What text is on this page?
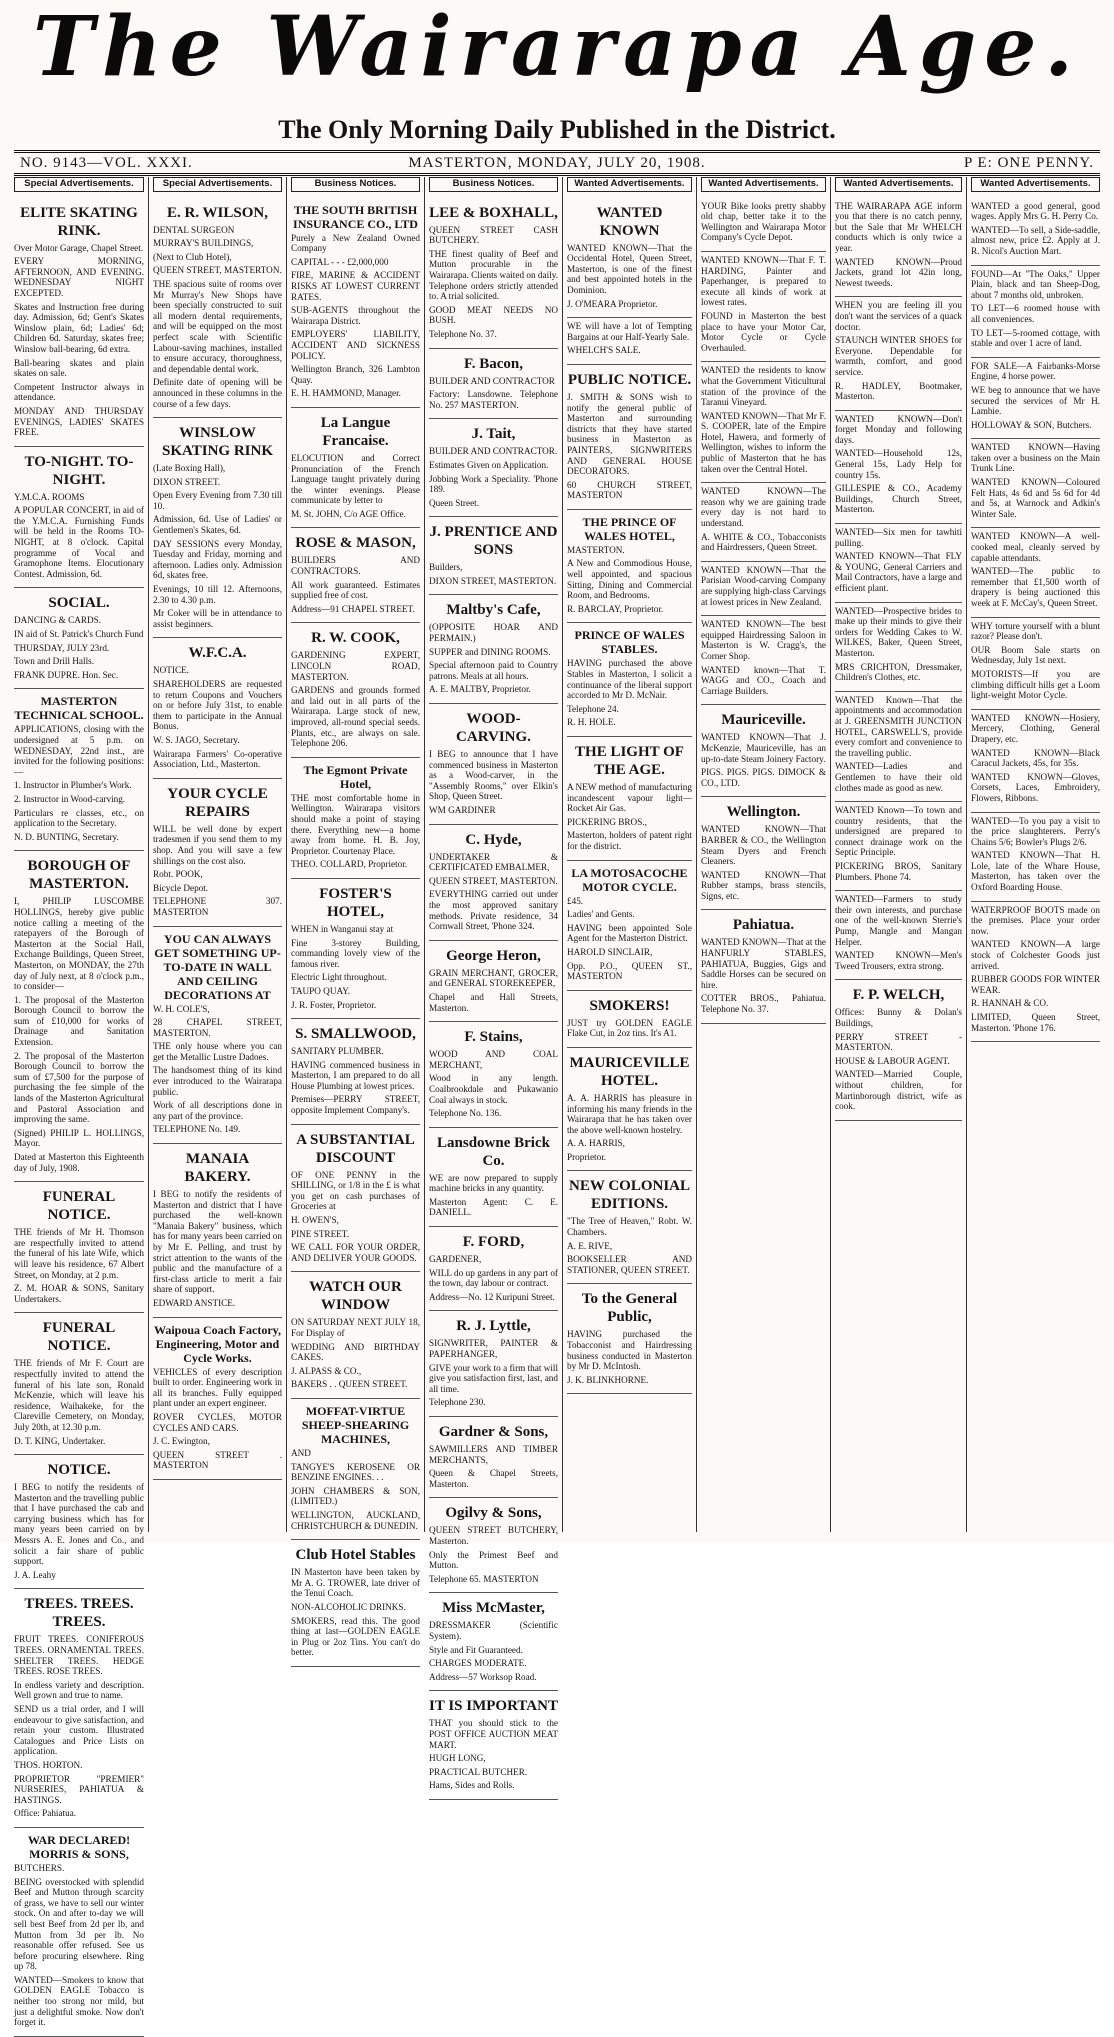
The Wairarapa Age.
The Only Morning Daily Published in the District.
NO. 9143—VOL. XXXI.	MASTERTON, MONDAY, JULY 20, 1908.	P E: ONE PENNY.
Special Advertisements.
ELITE SKATING RINK.

Over Motor Garage, Chapel Street.

EVERY MORNING, AFTERNOON, AND EVENING. WEDNESDAY NIGHT EXCEPTED.

Skates and Instruction free during day. Admission, 6d; Gent's Skates Winslow plain, 6d; Ladies' 6d; Children 6d. Saturday, skates free; Winslow ball-bearing, 6d extra.

Ball-bearing skates and plain skates on sale.

Competent Instructor always in attendance.

MONDAY AND THURSDAY EVENINGS, LADIES' SKATES FREE.

TO-NIGHT. TO-NIGHT.

Y.M.C.A. ROOMS

A POPULAR CONCERT, in aid of the Y.M.C.A. Furnishing Funds will be held in the Rooms TO-NIGHT, at 8 o'clock. Capital programme of Vocal and Gramophone Items. Elocutionary Contest. Admission, 6d.

SOCIAL.

DANCING & CARDS.

IN aid of St. Patrick's Church Fund

THURSDAY, JULY 23rd.

Town and Drill Halls.

FRANK DUPRE. Hon. Sec.

MASTERTON TECHNICAL SCHOOL.

APPLICATIONS, closing with the undersigned at 5 p.m. on WEDNESDAY, 22nd inst., are invited for the following positions:—

1. Instructor in Plumber's Work.

2. Instructor in Wood-carving.

Particulars re classes, etc., on application to the Secretary.

N. D. BUNTING, Secretary.

BOROUGH OF MASTERTON.

I, PHILIP LUSCOMBE HOLLINGS, hereby give public notice calling a meeting of the ratepayers of the Borough of Masterton at the Social Hall, Exchange Buildings, Queen Street, Masterton, on MONDAY, the 27th day of July next, at 8 o'clock p.m., to consider—

1. The proposal of the Masterton Borough Council to borrow the sum of £10,000 for works of Drainage and Sanitation Extension.

2. The proposal of the Masterton Borough Council to borrow the sum of £7,500 for the purpose of purchasing the fee simple of the lands of the Masterton Agricultural and Pastoral Association and improving the same.

(Signed) PHILIP L. HOLLINGS, Mayor.

Dated at Masterton this Eighteenth day of July, 1908.

FUNERAL NOTICE.

THE friends of Mr H. Thomson are respectfully invited to attend the funeral of his late Wife, which will leave his residence, 67 Albert Street, on Monday, at 2 p.m.

Z. M. HOAR & SONS, Sanitary Undertakers.

FUNERAL NOTICE.

THE friends of Mr F. Court are respectfully invited to attend the funeral of his late son, Ronald McKenzie, which will leave his residence, Waihakeke, for the Clareville Cemetery, on Monday, July 20th, at 12.30 p.m.

D. T. KING, Undertaker.

NOTICE.

I BEG to notify the residents of Masterton and the travelling public that I have purchased the cab and carrying business which has for many years been carried on by Messrs A. E. Jones and Co., and solicit a fair share of public support.

J. A. Leahy

TREES. TREES. TREES.

FRUIT TREES. CONIFEROUS TREES. ORNAMENTAL TREES. SHELTER TREES. HEDGE TREES. ROSE TREES.

In endless variety and description. Well grown and true to name.

SEND us a trial order, and I will endeavour to give satisfaction, and retain your custom. Illustrated Catalogues and Price Lists on application.

THOS. HORTON.

PROPRIETOR "PREMIER" NURSERIES, PAHIATUA & HASTINGS.

Office: Pahiatua.

WAR DECLARED! MORRIS & SONS,

BUTCHERS.

BEING overstocked with splendid Beef and Mutton through scarcity of grass, we have to sell our winter stock. On and after to-day we will sell best Beef from 2d per lb, and Mutton from 3d per lb. No reasonable offer refused. See us before procuring elsewhere. Ring up 78.

WANTED—Smokers to know that GOLDEN EAGLE Tobacco is neither too strong nor mild, but just a delightful smoke. Now don't forget it.

Special Advertisements.
E. R. WILSON,

DENTAL SURGEON

MURRAY'S BUILDINGS,

(Next to Club Hotel),

QUEEN STREET, MASTERTON.

THE spacious suite of rooms over Mr Murray's New Shops have been specially constructed to suit all modern dental requirements, and will be equipped on the most perfect scale with Scientific Labour-saving machines, installed to ensure accuracy, thoroughness, and dependable dental work.

Definite date of opening will be announced in these columns in the course of a few days.

WINSLOW SKATING RINK

(Late Boxing Hall),

DIXON STREET.

Open Every Evening from 7.30 till 10.

Admission, 6d. Use of Ladies' or Gentlemen's Skates, 6d.

DAY SESSIONS every Monday, Tuesday and Friday, morning and afternoon. Ladies only. Admission 6d, skates free.

Evenings, 10 till 12. Afternoons, 2.30 to 4.30 p.m.

Mr Coker will be in attendance to assist beginners.

W.F.C.A.

NOTICE.

SHAREHOLDERS are requested to return Coupons and Vouchers on or before July 31st, to enable them to participate in the Annual Bonus.

W. S. JAGO, Secretary.

Wairarapa Farmers' Co-operative Association, Ltd., Masterton.

YOUR CYCLE REPAIRS

WILL be well done by expert tradesmen if you send them to my shop. And you will save a few shillings on the cost also.

Robt. POOK,

Bicycle Depot.

TELEPHONE 307. MASTERTON

YOU CAN ALWAYS GET SOMETHING UP-TO-DATE IN WALL AND CEILING DECORATIONS AT

W. H. COLE'S,

28 CHAPEL STREET, MASTERTON.

THE only house where you can get the Metallic Lustre Dadoes.

The handsomest thing of its kind ever introduced to the Wairarapa public.

Work of all descriptions done in any part of the province.

TELEPHONE No. 149.

MANAIA BAKERY.

I BEG to notify the residents of Masterton and district that I have purchased the well-known "Manaia Bakery" business, which has for many years been carried on by Mr E. Pelling, and trust by strict attention to the wants of the public and the manufacture of a first-class article to merit a fair share of support.

EDWARD ANSTICE.

Waipoua Coach Factory, Engineering, Motor and Cycle Works.

VEHICLES of every description built to order. Engineering work in all its branches. Fully equipped plant under an expert engineer.

ROVER CYCLES, MOTOR CYCLES AND CARS.

J. C. Ewington,

QUEEN STREET . MASTERTON

Business Notices.
THE SOUTH BRITISH INSURANCE CO., LTD

Purely a New Zealand Owned Company

CAPITAL - - - £2,000,000

FIRE, MARINE & ACCIDENT RISKS AT LOWEST CURRENT RATES.

SUB-AGENTS throughout the Wairarapa District.

EMPLOYERS' LIABILITY, ACCIDENT AND SICKNESS POLICY.

Wellington Branch, 326 Lambton Quay.

E. H. HAMMOND, Manager.

La Langue Francaise.

ELOCUTION and Correct Pronunciation of the French Language taught privately during the winter evenings. Please communicate by letter to

M. St. JOHN, C/o AGE Office.

ROSE & MASON,

BUILDERS AND CONTRACTORS.

All work guaranteed. Estimates supplied free of cost.

Address—91 CHAPEL STREET.

R. W. COOK,

GARDENING EXPERT, LINCOLN ROAD, MASTERTON.

GARDENS and grounds formed and laid out in all parts of the Wairarapa. Large stock of new, improved, all-round special seeds. Plants, etc., are always on sale. Telephone 206.

The Egmont Private Hotel,

THE most comfortable home in Wellington. Wairarapa visitors should make a point of staying there. Everything new—a home away from home. H. B. Joy, Proprietor. Courtenay Place.

THEO. COLLARD, Proprietor.

FOSTER'S HOTEL,

WHEN in Wanganui stay at

Fine 3-storey Building, commanding lovely view of the famous river.

Electric Light throughout.

TAUPO QUAY.

J. R. Foster, Proprietor.

S. SMALLWOOD,

SANITARY PLUMBER.

HAVING commenced business in Masterton, I am prepared to do all House Plumbing at lowest prices.

Premises—PERRY STREET, opposite Implement Company's.

A SUBSTANTIAL DISCOUNT

OF ONE PENNY in the SHILLING, or 1/8 in the £ is what you get on cash purchases of Groceries at

H. OWEN'S,

PINE STREET.

WE CALL FOR YOUR ORDER, AND DELIVER YOUR GOODS.

WATCH OUR WINDOW

ON SATURDAY NEXT JULY 18, For Display of

WEDDING AND BIRTHDAY CAKES.

J. ALPASS & CO.,

BAKERS . . QUEEN STREET.

MOFFAT-VIRTUE SHEEP-SHEARING MACHINES,

AND

TANGYE'S KEROSENE OR BENZINE ENGINES. . .

JOHN CHAMBERS & SON, (LIMITED.)

WELLINGTON, AUCKLAND, CHRISTCHURCH & DUNEDIN.

Club Hotel Stables

IN Masterton have been taken by Mr A. G. TROWER, late driver of the Tenui Coach.

NON-ALCOHOLIC DRINKS.

SMOKERS, read this. The good thing at last—GOLDEN EAGLE in Plug or 2oz Tins. You can't do better.

Business Notices.
LEE & BOXHALL,

QUEEN STREET CASH BUTCHERY.

THE finest quality of Beef and Mutton procurable in the Wairarapa. Clients waited on daily. Telephone orders strictly attended to. A trial solicited.

GOOD MEAT NEEDS NO BUSH.

Telephone No. 37.

F. Bacon,

BUILDER AND CONTRACTOR

Factory: Lansdowne. Telephone No. 257 MASTERTON.

J. Tait,

BUILDER AND CONTRACTOR.

Estimates Given on Application.

Jobbing Work a Speciality. 'Phone 189.

Queen Street.

J. PRENTICE AND SONS

Builders,

DIXON STREET, MASTERTON.

Maltby's Cafe,

(OPPOSITE HOAR AND PERMAIN.)

SUPPER and DINING ROOMS.

Special afternoon paid to Country patrons. Meals at all hours.

A. E. MALTBY, Proprietor.

WOOD-CARVING.

I BEG to announce that I have commenced business in Masterton as a Wood-carver, in the "Assembly Rooms," over Elkin's Shop, Queen Street.

WM GARDINER

C. Hyde,

UNDERTAKER & CERTIFICATED EMBALMER,

QUEEN STREET, MASTERTON.

EVERYTHING carried out under the most approved sanitary methods. Private residence, 34 Cornwall Street, 'Phone 324.

George Heron,

GRAIN MERCHANT, GROCER, and GENERAL STOREKEEPER,

Chapel and Hall Streets, Masterton.

F. Stains,

WOOD AND COAL MERCHANT,

Wood in any length. Coalbrookdale and Pukawanio Coal always in stock.

Telephone No. 136.

Lansdowne Brick Co.

WE are now prepared to supply machine bricks in any quantity.

Masterton Agent: C. E. DANIELL.

F. FORD,

GARDENER,

WILL do up gardens in any part of the town, day labour or contract.

Address—No. 12 Kuripuni Street.

R. J. Lyttle,

SIGNWRITER, PAINTER & PAPERHANGER,

GIVE your work to a firm that will give you satisfaction first, last, and all time.

Telephone 230.

Gardner & Sons,

SAWMILLERS AND TIMBER MERCHANTS,

Queen & Chapel Streets, Masterton.

Ogilvy & Sons,

QUEEN STREET BUTCHERY, Masterton.

Only the Primest Beef and Mutton.

Telephone 65. MASTERTON

Miss McMaster,

DRESSMAKER (Scientific System).

Style and Fit Guaranteed.

CHARGES MODERATE.

Address—57 Worksop Road.

IT IS IMPORTANT

THAT you should stick to the POST OFFICE AUCTION MEAT MART.

HUGH LONG,

PRACTICAL BUTCHER.

Hams, Sides and Rolls.

Wanted Advertisements.
WANTED KNOWN

WANTED KNOWN—That the Occidental Hotel, Queen Street, Masterton, is one of the finest and best appointed hotels in the Dominion.

J. O'MEARA Proprietor.

WE will have a lot of Tempting Bargains at our Half-Yearly Sale.

WHELCH'S SALE.

PUBLIC NOTICE.

J. SMITH & SONS wish to notify the general public of Masterton and surrounding districts that they have started business in Masterton as PAINTERS, SIGNWRITERS AND GENERAL HOUSE DECORATORS.

60 CHURCH STREET, MASTERTON

THE PRINCE OF WALES HOTEL,

MASTERTON.

A New and Commodious House, well appointed, and spacious Sitting, Dining and Commercial Room, and Bedrooms.

R. BARCLAY, Proprietor.

PRINCE OF WALES STABLES.

HAVING purchased the above Stables in Masterton, I solicit a continuance of the liberal support accorded to Mr D. McNair.

Telephone 24.

R. H. HOLE.

THE LIGHT OF THE AGE.

A NEW method of manufacturing incandescent vapour light—Rocket Air Gas.

PICKERING BROS.,

Masterton, holders of patent right for the district.

LA MOTOSACOCHE MOTOR CYCLE.

£45.

Ladies' and Gents.

HAVING been appointed Sole Agent for the Masterton District.

HAROLD SINCLAIR,

Opp. P.O., QUEEN ST., MASTERTON

SMOKERS!

JUST try GOLDEN EAGLE Flake Cut, in 2oz tins. It's A1.

MAURICEVILLE HOTEL.

A. A. HARRIS has pleasure in informing his many friends in the Wairarapa that he has taken over the above well-known hostelry.

A. A. HARRIS,

Proprietor.

NEW COLONIAL EDITIONS.

"The Tree of Heaven," Robt. W. Chambers.

A. E. RIVE,

BOOKSELLER AND STATIONER, QUEEN STREET.

To the General Public,

HAVING purchased the Tobacconist and Hairdressing business conducted in Masterton by Mr D. McIntosh.

J. K. BLINKHORNE.

Wanted Advertisements.

YOUR Bike looks pretty shabby old chap, better take it to the Wellington and Wairarapa Motor Company's Cycle Depot.

WANTED KNOWN—That F. T. HARDING, Painter and Paperhanger, is prepared to execute all kinds of work at lowest rates.

FOUND in Masterton the best place to have your Motor Car, Motor Cycle or Cycle Overhauled.

WANTED the residents to know what the Government Viticultural station of the province of the Taranui Vineyard.

WANTED KNOWN—That Mr F. S. COOPER, late of the Empire Hotel, Hawera, and formerly of Wellington, wishes to inform the public of Masterton that he has taken over the Central Hotel.

WANTED KNOWN—The reason why we are gaining trade every day is not hard to understand.

A. WHITE & CO., Tobacconists and Hairdressers, Queen Street.

WANTED KNOWN—That the Parisian Wood-carving Company are supplying high-class Carvings at lowest prices in New Zealand.

WANTED KNOWN—The best equipped Hairdressing Saloon in Masterton is W. Cragg's, the Corner Shop.

WANTED known—That T. WAGG and CO., Coach and Carriage Builders.

Mauriceville.

WANTED KNOWN—That J. McKenzie, Mauriceville, has an up-to-date Steam Joinery Factory.

PIGS. PIGS. PIGS. DIMOCK & CO., LTD.

Wellington.

WANTED KNOWN—That BARBER & CO., the Wellington Steam Dyers and French Cleaners.

WANTED KNOWN—That Rubber stamps, brass stencils, Signs, etc.

Pahiatua.

WANTED KNOWN—That at the HANFURLY STABLES, PAHIATUA, Buggies, Gigs and Saddle Horses can be secured on hire.

COTTER BROS., Pahiatua. Telephone No. 37.

Wanted Advertisements.

THE WAIRARAPA AGE inform you that there is no catch penny, but the Sale that Mr WHELCH conducts which is only twice a year.

WANTED KNOWN—Proud Jackets, grand lot 42in long, Newest tweeds.

WHEN you are feeling ill you don't want the services of a quack doctor.

STAUNCH WINTER SHOES for Everyone. Dependable for warmth, comfort, and good service.

R. HADLEY, Bootmaker, Masterton.

WANTED KNOWN—Don't forget Monday and following days.

WANTED—Household 12s, General 15s, Lady Help for country 15s.

GILLESPIE & CO., Academy Buildings, Church Street, Masterton.

WANTED—Six men for tawhiti pulling.

WANTED KNOWN—That FLY & YOUNG, General Carriers and Mail Contractors, have a large and efficient plant.

WANTED—Prospective brides to make up their minds to give their orders for Wedding Cakes to W. WILKES, Baker, Queen Street, Masterton.

MRS CRICHTON, Dressmaker, Children's Clothes, etc.

WANTED Known—That the appointments and accommodation at J. GREENSMITH JUNCTION HOTEL, CARSWELL'S, provide every comfort and convenience to the travelling public.

WANTED—Ladies and Gentlemen to have their old clothes made as good as new.

WANTED Known—To town and country residents, that the undersigned are prepared to connect drainage work on the Septic Principle.

PICKERING BROS, Sanitary Plumbers. Phone 74.

WANTED—Farmers to study their own interests, and purchase one of the well-known Sterrie's Pump, Mangle and Mangan Helper.

WANTED KNOWN—Men's Tweed Trousers, extra strong.

F. P. WELCH,

Offices: Bunny & Dolan's Buildings,

PERRY STREET - MASTERTON.

HOUSE & LABOUR AGENT.

WANTED—Married Couple, without children, for Martinborough district, wife as cook.

Wanted Advertisements.

WANTED a good general, good wages. Apply Mrs G. H. Perry Co.

WANTED—To sell, a Side-saddle, almost new, price £2. Apply at J. R. Nicol's Auction Mart.

FOUND—At "The Oaks," Upper Plain, black and tan Sheep-Dog, about 7 months old, unbroken.

TO LET—6 roomed house with all conveniences.

TO LET—5-roomed cottage, with stable and over 1 acre of land.

FOR SALE—A Fairbanks-Morse Engine, 4 horse power.

WE beg to announce that we have secured the services of Mr H. Lambie.

HOLLOWAY & SON, Butchers.

WANTED KNOWN—Having taken over a business on the Main Trunk Line.

WANTED KNOWN—Coloured Felt Hats, 4s 6d and 5s 6d for 4d and 5s, at Warnock and Adkin's Winter Sale.

WANTED KNOWN—A well-cooked meal, cleanly served by capable attendants.

WANTED—The public to remember that £1,500 worth of drapery is being auctioned this week at F. McCay's, Queen Street.

WHY torture yourself with a blunt razor? Please don't.

OUR Boom Sale starts on Wednesday, July 1st next.

MOTORISTS—If you are climbing difficult hills get a Loom light-weight Motor Cycle.

WANTED KNOWN—Hosiery, Mercery, Clothing, General Drapery, etc.

WANTED KNOWN—Black Caracul Jackets, 45s, for 35s.

WANTED KNOWN—Gloves, Corsets, Laces, Embroidery, Flowers, Ribbons.

WANTED—To you pay a visit to the price slaughterers. Perry's Chains 5/6; Bowler's Plugs 2/6.

WANTED KNOWN—That H. Lole, late of the Whare House, Masterton, has taken over the Oxford Boarding House.

WATERPROOF BOOTS made on the premises. Place your order now.

WANTED KNOWN—A large stock of Colchester Goods just arrived.

RUBBER GOODS FOR WINTER WEAR.

R. HANNAH & CO.

LIMITED, Queen Street, Masterton. 'Phone 176.
